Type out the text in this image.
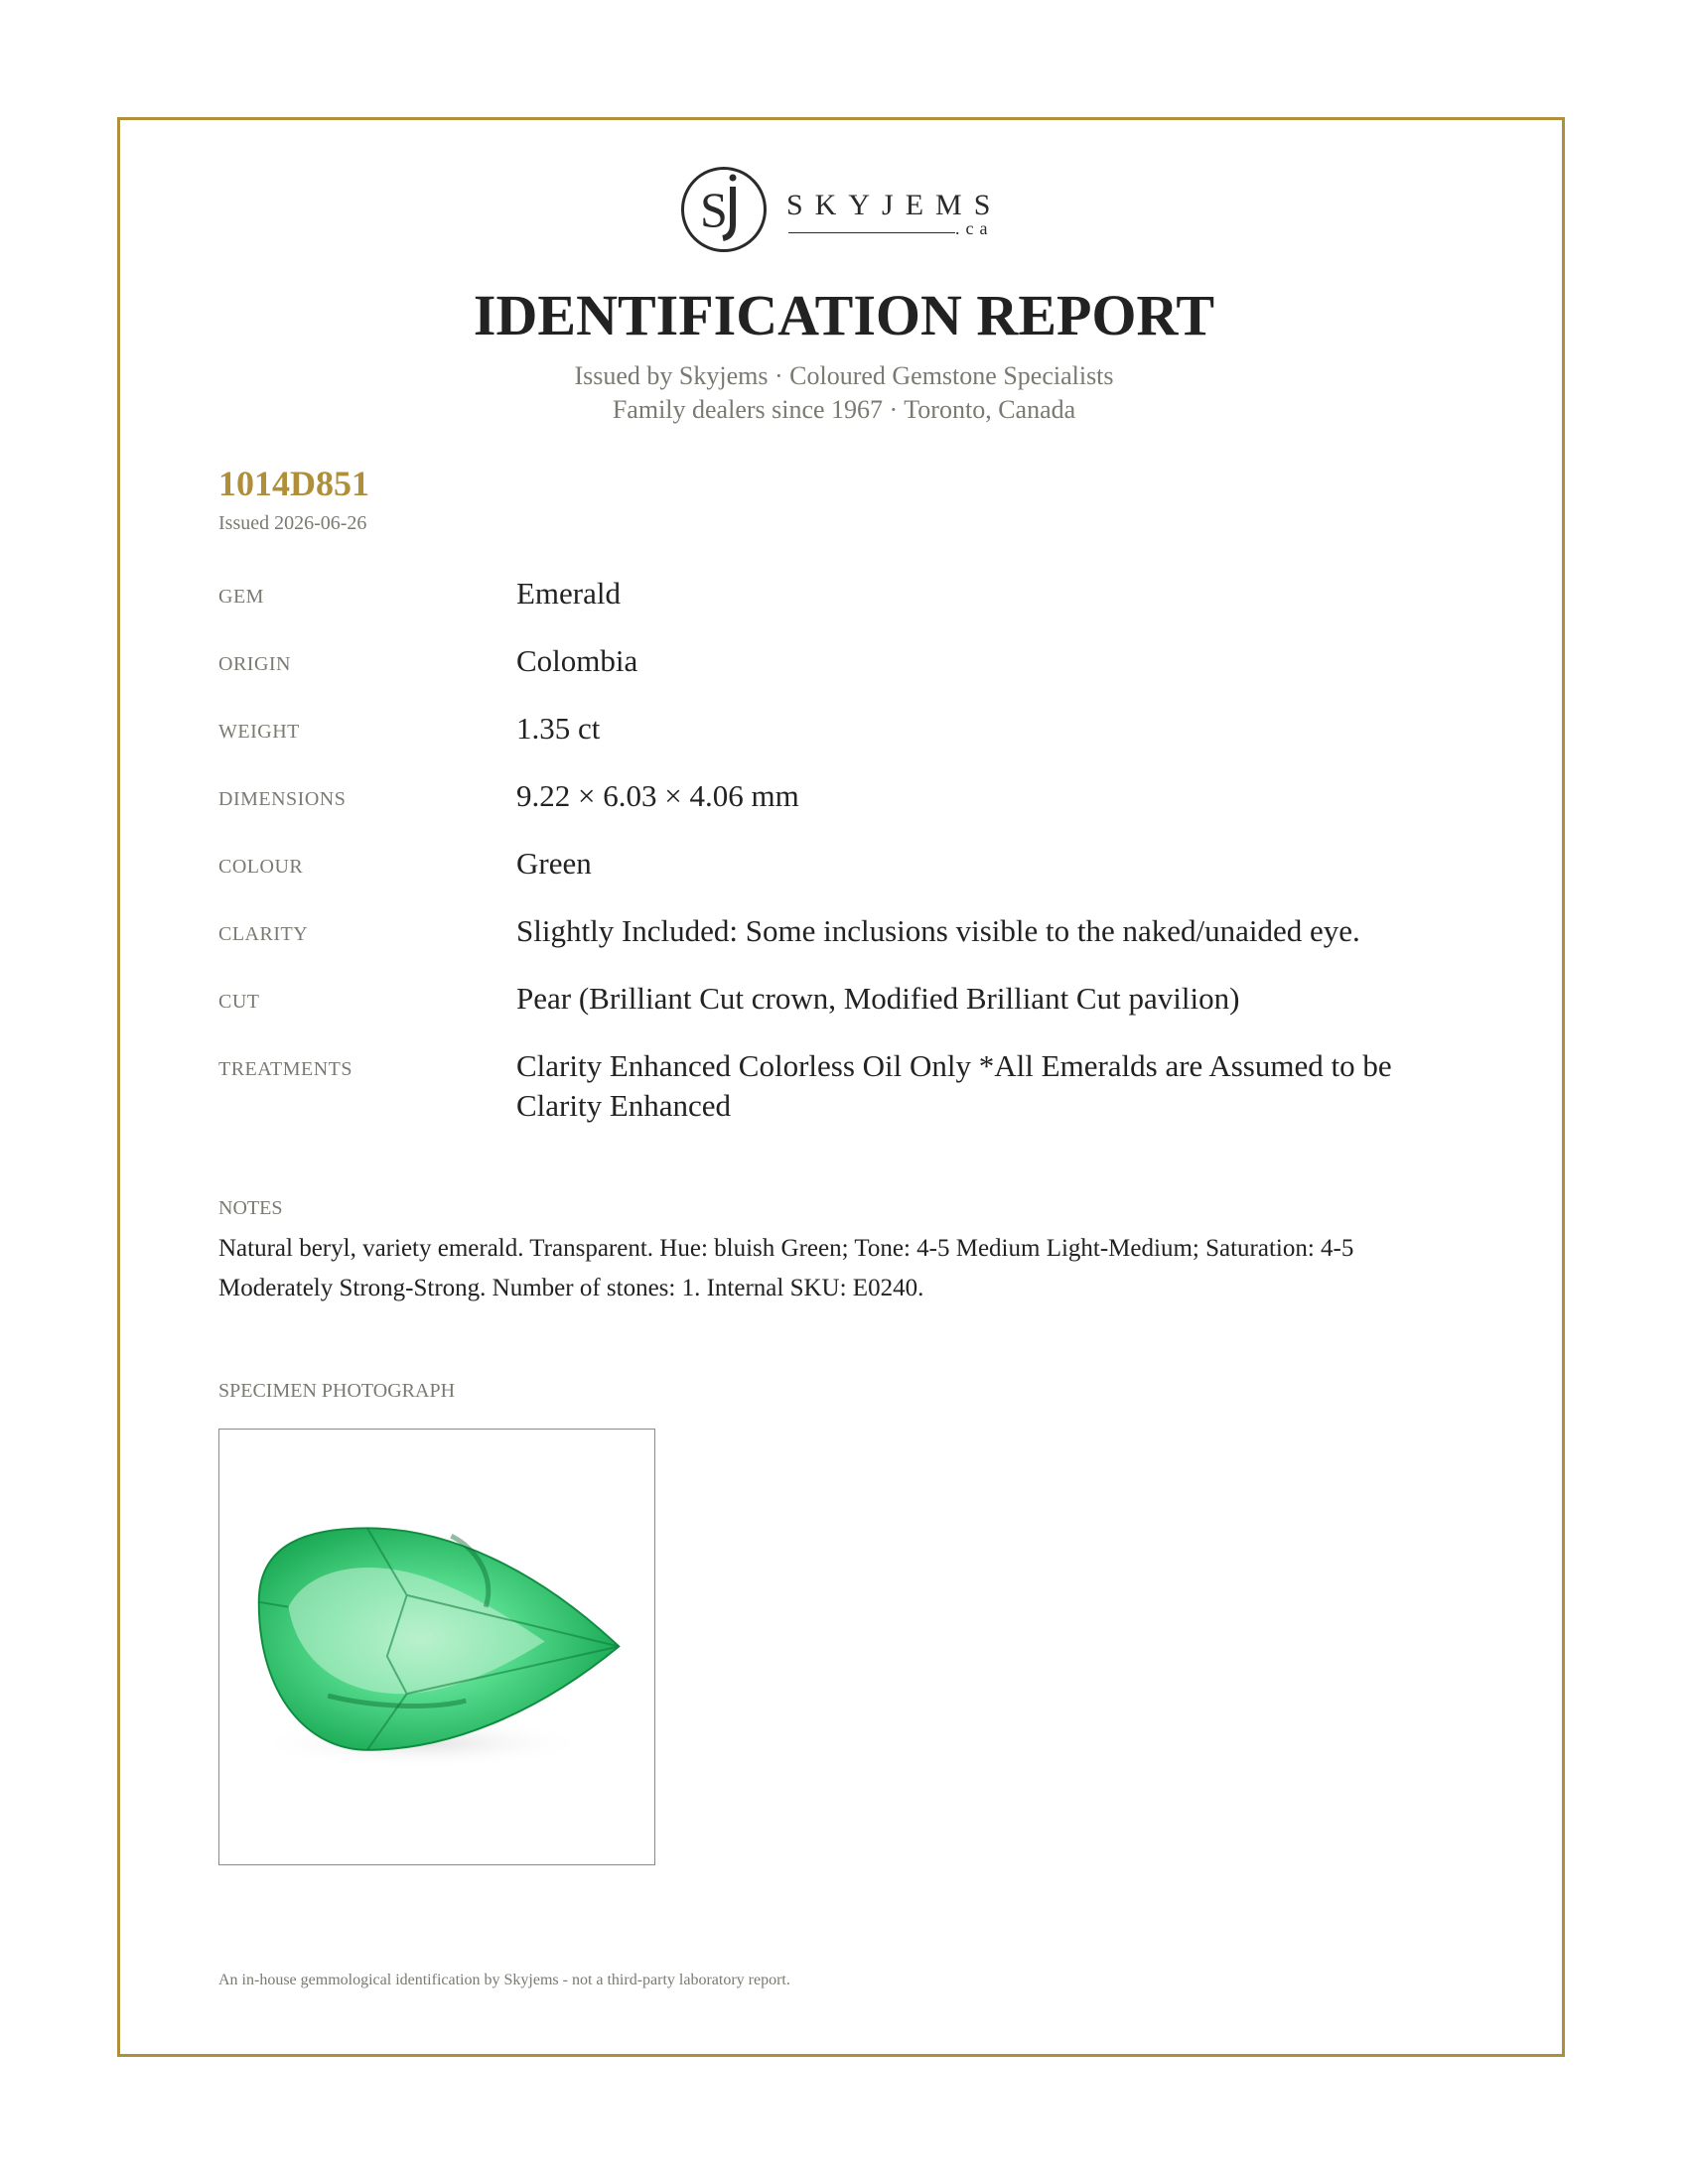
S SKYJEMS
.ca
IDENTIFICATION REPORT
Issued by Skyjems · Coloured Gemstone Specialists
Family dealers since 1967 · Toronto, Canada
1014D851
Issued 2026-06-26
GEM	Emerald
ORIGIN	Colombia
WEIGHT	1.35 ct
DIMENSIONS	9.22 × 6.03 × 4.06 mm
COLOUR	Green
CLARITY	Slightly Included: Some inclusions visible to the naked/unaided eye.
CUT	Pear (Brilliant Cut crown, Modified Brilliant Cut pavilion)
TREATMENTS	Clarity Enhanced Colorless Oil Only *All Emeralds are Assumed to be Clarity Enhanced
NOTES
Natural beryl, variety emerald. Transparent. Hue: bluish Green; Tone: 4-5 Medium Light-Medium; Saturation: 4-5 Moderately Strong-Strong. Number of stones: 1. Internal SKU: E0240.
SPECIMEN PHOTOGRAPH
An in-house gemmological identification by Skyjems - not a third-party laboratory report.
